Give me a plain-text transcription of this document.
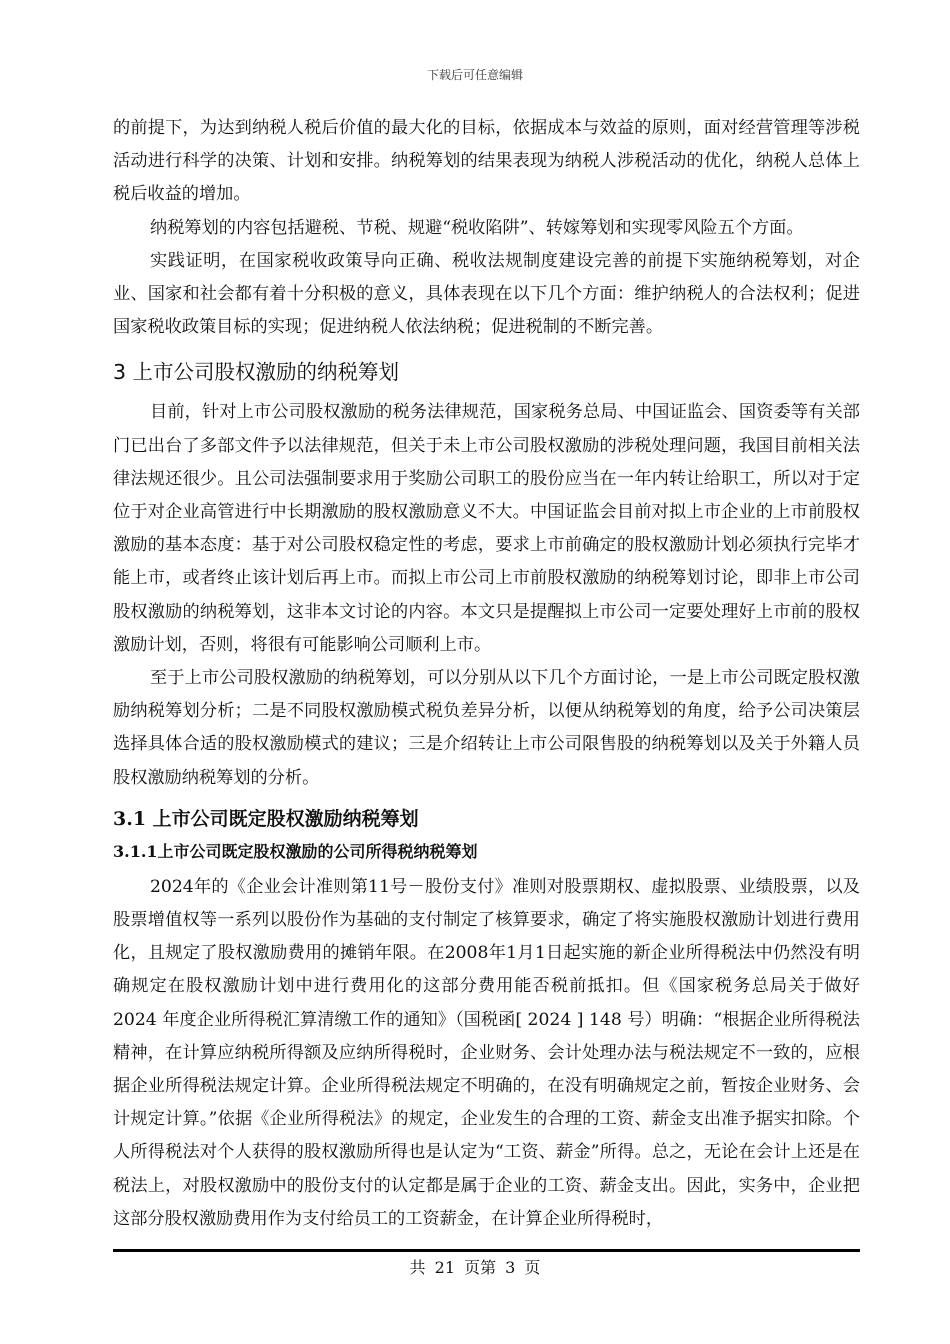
下载后可任意编辑

的前提下，为达到纳税人税后价值的最大化的目标，依据成本与效益的原则，面对经营管理等涉税活动进行科学的决策、计划和安排。纳税筹划的结果表现为纳税人涉税活动的优化，纳税人总体上税后收益的增加。

纳税筹划的内容包括避税、节税、规避“税收陷阱”、转嫁筹划和实现零风险五个方面。

实践证明，在国家税收政策导向正确、税收法规制度建设完善的前提下实施纳税筹划，对企业、国家和社会都有着十分积极的意义，具体表现在以下几个方面：维护纳税人的合法权利；促进国家税收政策目标的实现；促进纳税人依法纳税；促进税制的不断完善。

3 上市公司股权激励的纳税筹划

目前，针对上市公司股权激励的税务法律规范，国家税务总局、中国证监会、国资委等有关部门已出台了多部文件予以法律规范，但关于未上市公司股权激励的涉税处理问题，我国目前相关法律法规还很少。且公司法强制要求用于奖励公司职工的股份应当在一年内转让给职工，所以对于定位于对企业高管进行中长期激励的股权激励意义不大。中国证监会目前对拟上市企业的上市前股权激励的基本态度：基于对公司股权稳定性的考虑，要求上市前确定的股权激励计划必须执行完毕才能上市，或者终止该计划后再上市。而拟上市公司上市前股权激励的纳税筹划讨论，即非上市公司股权激励的纳税筹划，这非本文讨论的内容。本文只是提醒拟上市公司一定要处理好上市前的股权激励计划，否则，将很有可能影响公司顺利上市。

至于上市公司股权激励的纳税筹划，可以分别从以下几个方面讨论，一是上市公司既定股权激励纳税筹划分析；二是不同股权激励模式税负差异分析，以便从纳税筹划的角度，给予公司决策层选择具体合适的股权激励模式的建议；三是介绍转让上市公司限售股的纳税筹划以及关于外籍人员股权激励纳税筹划的分析。

3.1 上市公司既定股权激励纳税筹划
3.1.1上市公司既定股权激励的公司所得税纳税筹划

2024年的《企业会计准则第11号－股份支付》准则对股票期权、虚拟股票、业绩股票，以及股票增值权等一系列以股份作为基础的支付制定了核算要求，确定了将实施股权激励计划进行费用化，且规定了股权激励费用的摊销年限。在2008年1月1日起实施的新企业所得税法中仍然没有明确规定在股权激励计划中进行费用化的这部分费用能否税前抵扣。但《国家税务总局关于做好2024 年度企业所得税汇算清缴工作的通知》（国税函[ 2024 ] 148 号）明确：“根据企业所得税法精神，在计算应纳税所得额及应纳所得税时，企业财务、会计处理办法与税法规定不一致的，应根据企业所得税法规定计算。企业所得税法规定不明确的，在没有明确规定之前，暂按企业财务、会计规定计算。”依据《企业所得税法》的规定，企业发生的合理的工资、薪金支出准予据实扣除。个人所得税法对个人获得的股权激励所得也是认定为“工资、薪金”所得。总之，无论在会计上还是在税法上，对股权激励中的股份支付的认定都是属于企业的工资、薪金支出。因此，实务中，企业把这部分股权激励费用作为支付给员工的工资薪金，在计算企业所得税时，

共 21 页第 3 页
